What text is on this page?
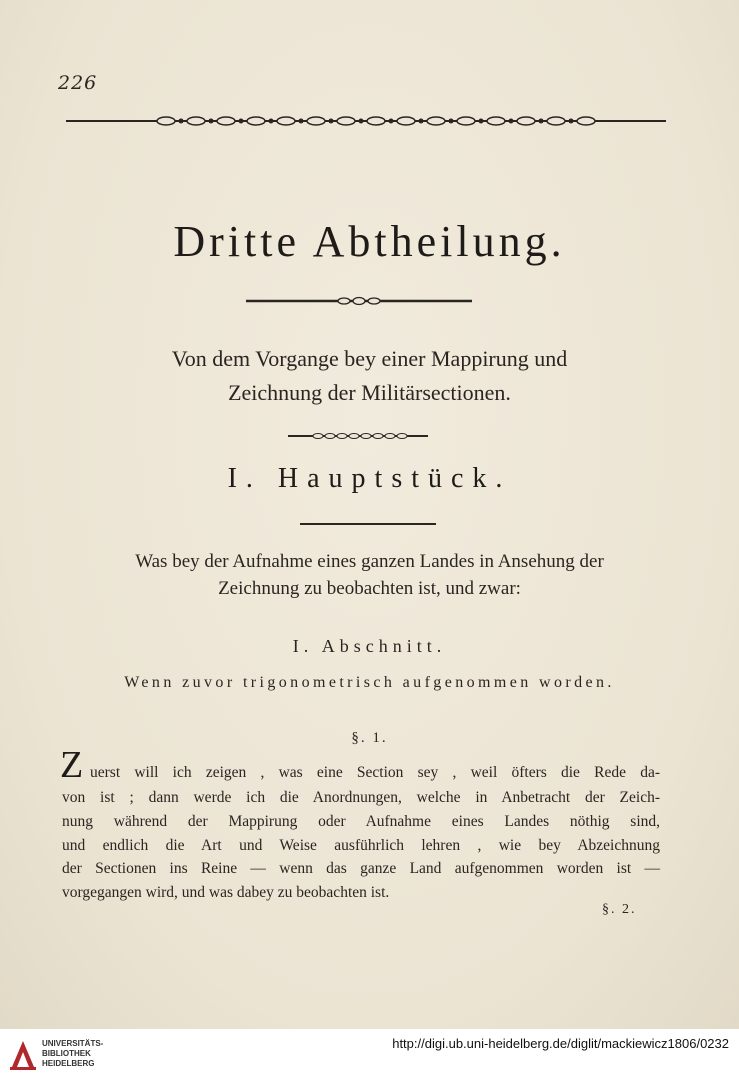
226
Dritte Abtheilung.
Von dem Vorgange bey einer Mappirung und
Zeichnung der Militärsectionen.
I. Hauptstück.
Was bey der Aufnahme eines ganzen Landes in Ansehung der
Zeichnung zu beobachten ist, und zwar:
I. Abschnitt.
Wenn zuvor trigonometrisch aufgenommen worden.
§. 1.
Z uerst will ich zeigen , was eine Section sey , weil öfters die Rede da-
von ist ; dann werde ich die Anordnungen, welche in Anbetracht der Zeich-
nung während der Mappirung oder Aufnahme eines Landes nöthig sind,
und endlich die Art und Weise ausführlich lehren , wie bey Abzeichnung
der Sectionen ins Reine — wenn das ganze Land aufgenommen worden ist —
vorgegangen wird, und was dabey zu beobachten ist.
§. 2.
UNIVERSITÄTS-
BIBLIOTHEK
HEIDELBERG
http://digi.ub.uni-heidelberg.de/diglit/mackiewicz1806/0232
